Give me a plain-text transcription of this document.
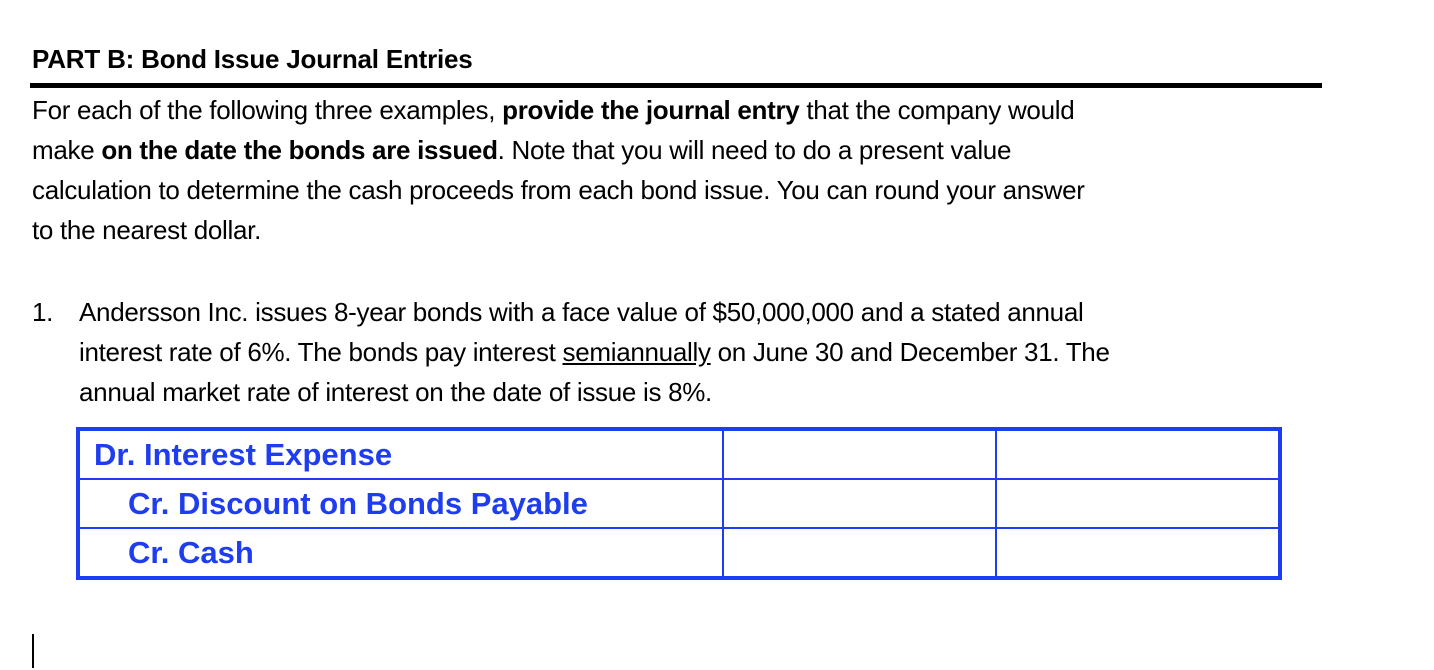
PART B: Bond Issue Journal Entries
For each of the following three examples, provide the journal entry that the company would
make on the date the bonds are issued. Note that you will need to do a present value
calculation to determine the cash proceeds from each bond issue. You can round your answer
to the nearest dollar.
1. Andersson Inc. issues 8-year bonds with a face value of $50,000,000 and a stated annual
interest rate of 6%. The bonds pay interest semiannually on June 30 and December 31. The
annual market rate of interest on the date of issue is 8%.
Dr. Interest Expense		
Cr. Discount on Bonds Payable		
Cr. Cash		
